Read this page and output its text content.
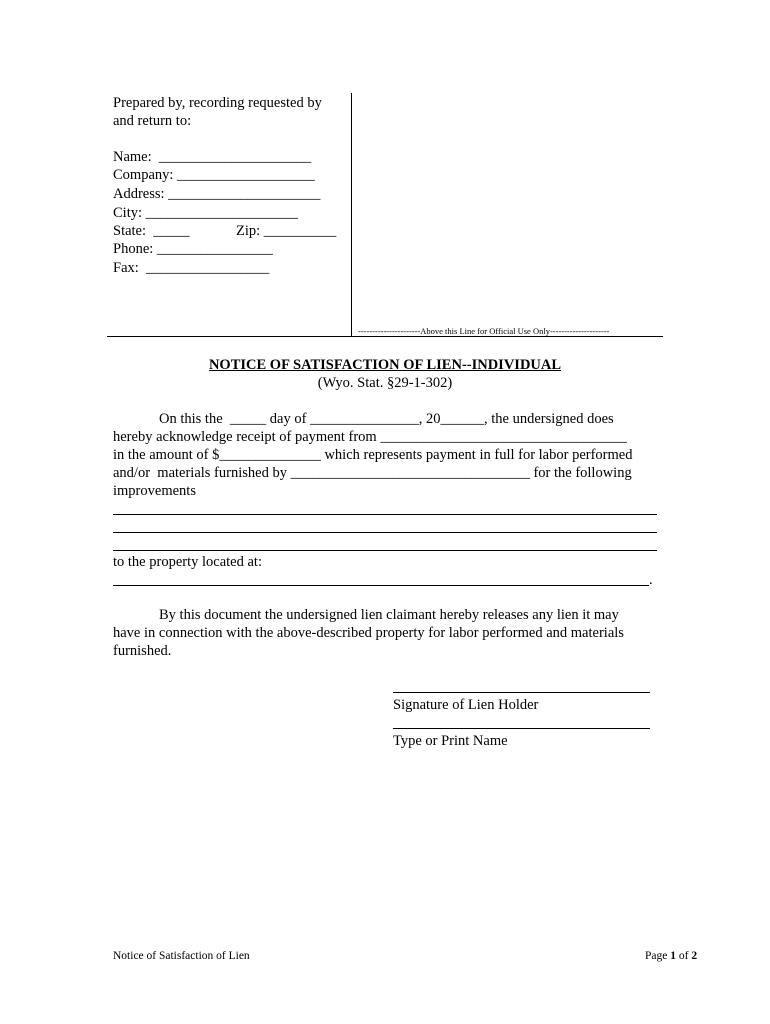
Prepared by, recording requested by
and return to:
Name:  _____________________
Company: ___________________
Address: _____________________
City: _____________________
State:  _____	Zip: __________
Phone: ________________
Fax:  _________________
----------------------Above this Line for Official Use Only---------------------
NOTICE OF SATISFACTION OF LIEN--INDIVIDUAL
(Wyo. Stat. §29-1-302)
On this the  _____ day of _______________, 20______, the undersigned does
hereby acknowledge receipt of payment from __________________________________
in the amount of $______________ which represents payment in full for labor performed
and/or  materials furnished by _________________________________ for the following
improvements
to the property located at:
.
By this document the undersigned lien claimant hereby releases any lien it may
have in connection with the above-described property for labor performed and materials
furnished.
Signature of Lien Holder
Type or Print Name
Notice of Satisfaction of Lien	Page 1 of 2
